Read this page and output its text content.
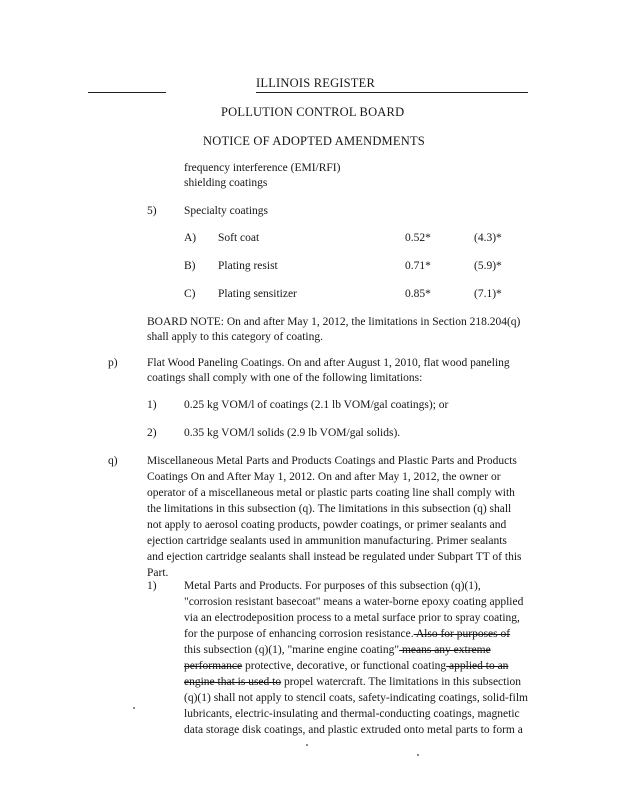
ILLINOIS REGISTER
POLLUTION CONTROL BOARD
NOTICE OF ADOPTED AMENDMENTS
frequency interference (EMI/RFI)
shielding coatings
5) Specialty coatings
A) Soft coat	0.52*	(4.3)*
B) Plating resist	0.71*	(5.9)*
C) Plating sensitizer	0.85*	(7.1)*
BOARD NOTE: On and after May 1, 2012, the limitations in Section 218.204(q)
shall apply to this category of coating.
p)	Flat Wood Paneling Coatings. On and after August 1, 2010, flat wood paneling
coatings shall comply with one of the following limitations:
1) 0.25 kg VOM/l of coatings (2.1 lb VOM/gal coatings); or
2) 0.35 kg VOM/l solids (2.9 lb VOM/gal solids).
q)	Miscellaneous Metal Parts and Products Coatings and Plastic Parts and Products
Coatings On and After May 1, 2012. On and after May 1, 2012, the owner or
operator of a miscellaneous metal or plastic parts coating line shall comply with
the limitations in this subsection (q). The limitations in this subsection (q) shall
not apply to aerosol coating products, powder coatings, or primer sealants and
ejection cartridge sealants used in ammunition manufacturing. Primer sealants
and ejection cartridge sealants shall instead be regulated under Subpart TT of this
Part.
1) Metal Parts and Products. For purposes of this subsection (q)(1),
"corrosion resistant basecoat" means a water-borne epoxy coating applied
via an electrodeposition process to a metal surface prior to spray coating,
for the purpose of enhancing corrosion resistance. Also for purposes of
this subsection (q)(1), "marine engine coating" means any extreme
performance protective, decorative, or functional coating applied to an
engine that is used to propel watercraft. The limitations in this subsection
(q)(1) shall not apply to stencil coats, safety-indicating coatings, solid-film
lubricants, electric-insulating and thermal-conducting coatings, magnetic
data storage disk coatings, and plastic extruded onto metal parts to form a
